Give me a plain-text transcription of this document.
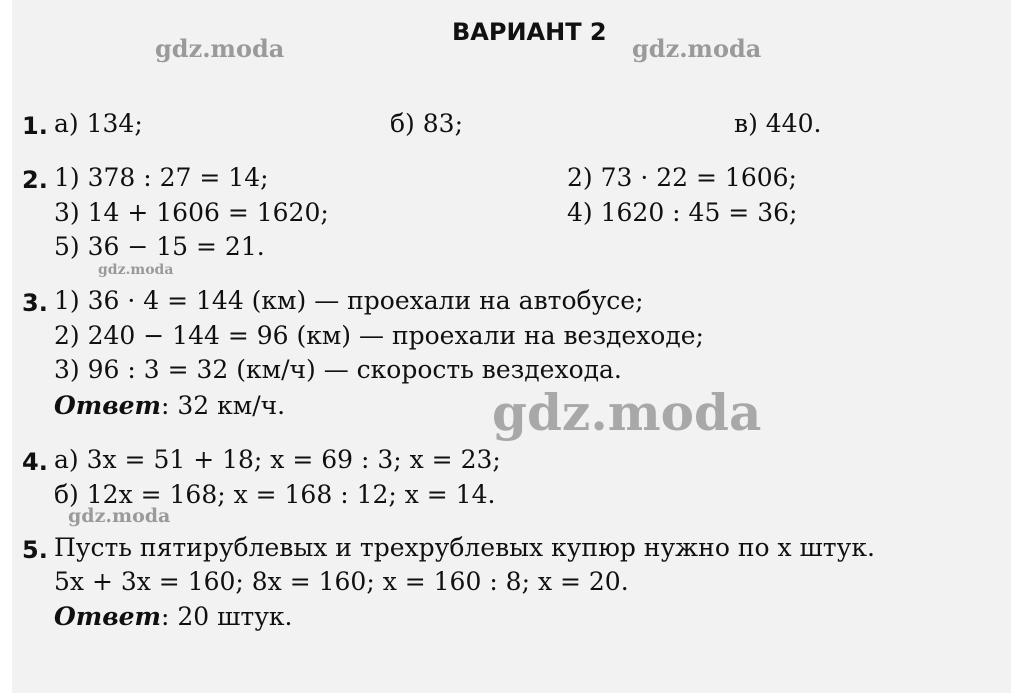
gdz.moda	gdz.moda
gdz.moda
gdz.moda
gdz.moda
ВАРИАНТ 2
1. а) 134;	б) 83;	в) 440.
2. 1) 378 : 27 = 14;	2) 73 · 22 = 1606;
3) 14 + 1606 = 1620;	4) 1620 : 45 = 36;
5) 36 − 15 = 21.
3. 1) 36 · 4 = 144 (км) — проехали на автобусе;
2) 240 − 144 = 96 (км) — проехали на вездеходе;
3) 96 : 3 = 32 (км/ч) — скорость вездехода.
Ответ: 32 км/ч.
4. а) 3x = 51 + 18; x = 69 : 3; x = 23;
б) 12x = 168; x = 168 : 12; x = 14.
5. Пусть пятирублевых и трехрублевых купюр нужно по x штук.
5x + 3x = 160; 8x = 160; x = 160 : 8; x = 20.
Ответ: 20 штук.
